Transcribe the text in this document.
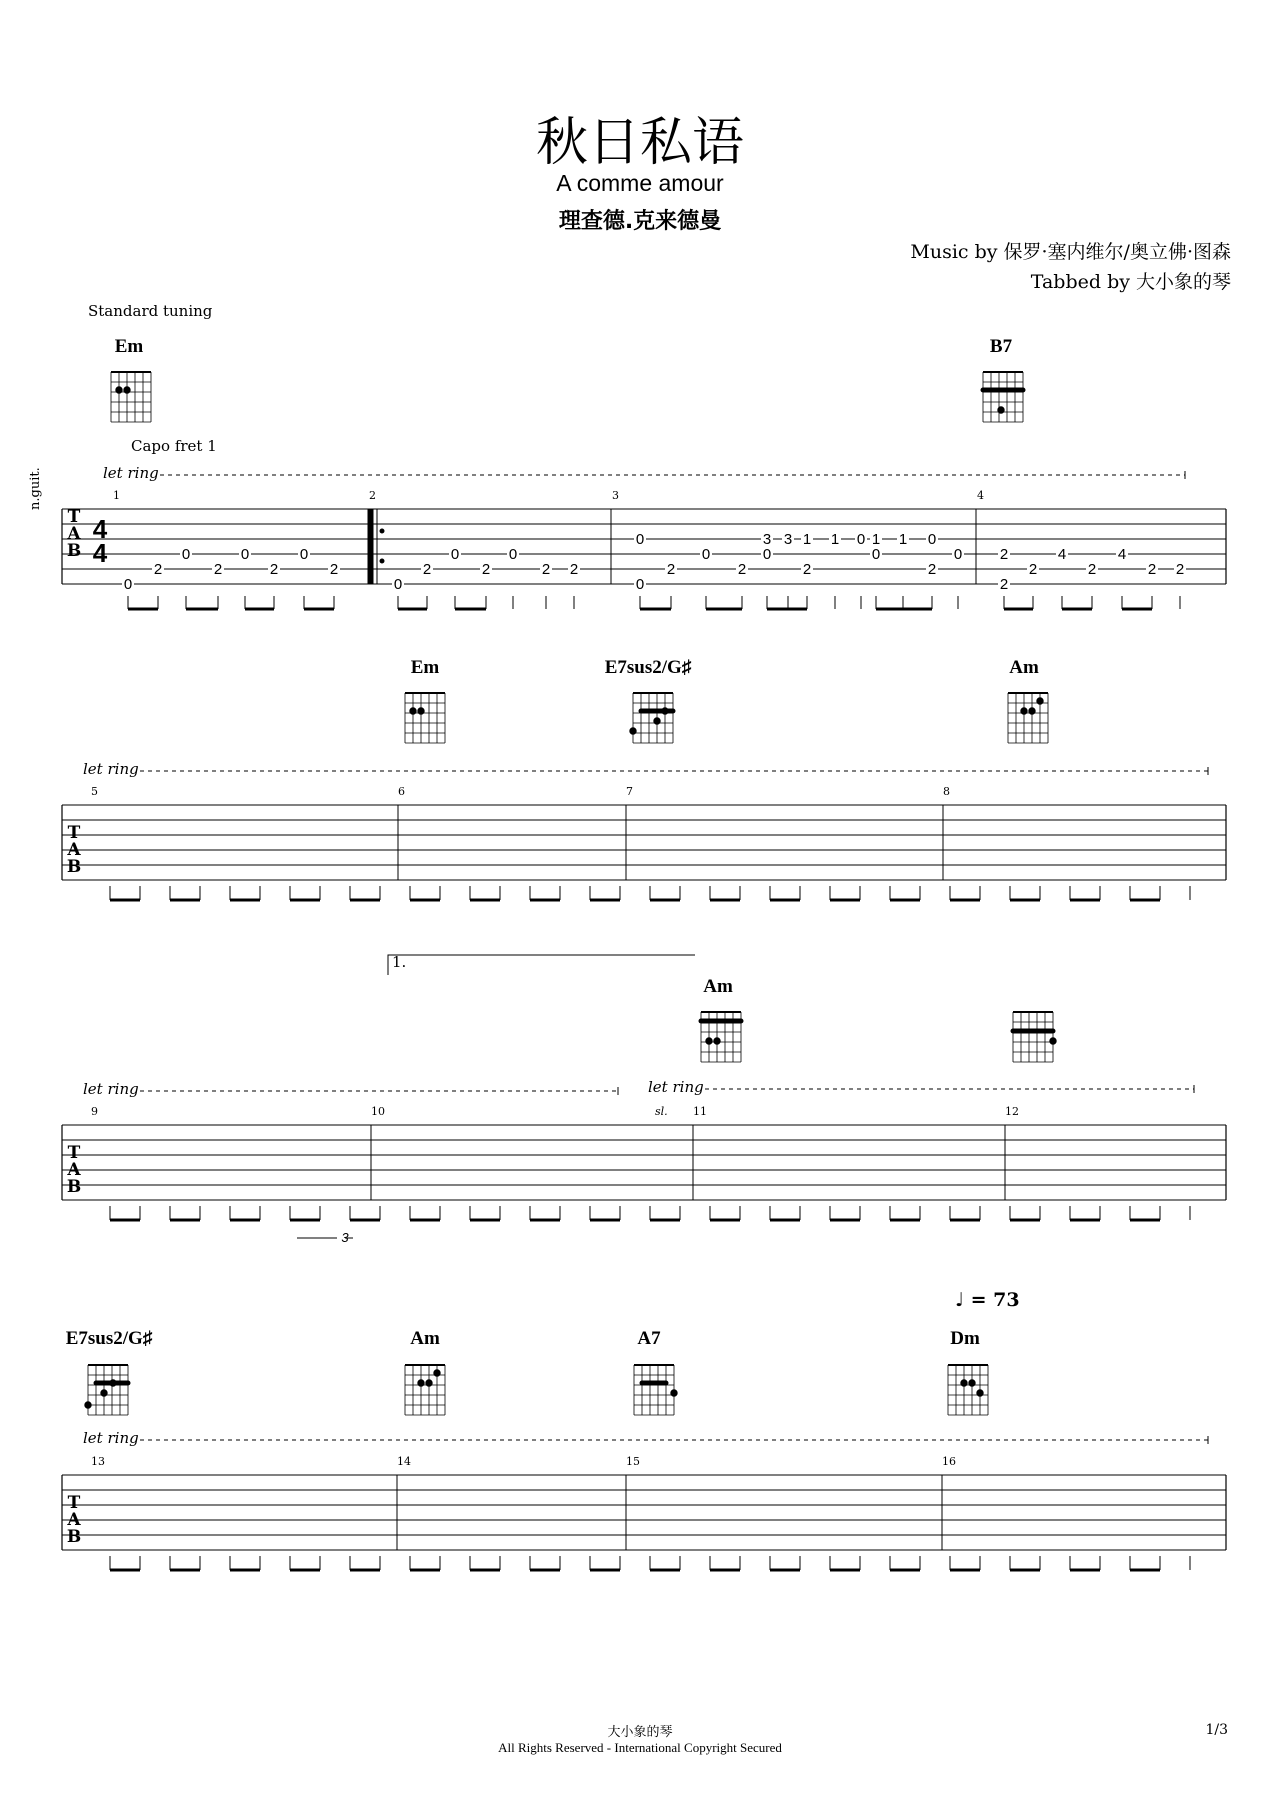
秋日私语
A comme amour
理查德.克来德曼
Music by 保罗·塞内维尔/奥立佛·图森
Tabbed by 大小象的琴
Standard tuning
Capo fret 1
Em	B7
Em	E7sus2/G♯	Am
Am
E7sus2/G♯	Am	A7	Dm
♩ = 73
let ring
let ring
let ring	let ring
let ring
1.
sl.
n.guit.	1	2	3	4
5	6	7	8
9	10	11	12
13	14	15	16
4
4
0
2
0
2
0
2
0
2
0
2
0
2
0
2 2
0
0
2
0
2
3
0
3 1
2
1 0 1
0
1 0
2
0
2
2
2
4
2
4
2 2
3
TAB
TAB
TAB
TAB
大小象的琴
All Rights Reserved - International Copyright Secured
1/3
